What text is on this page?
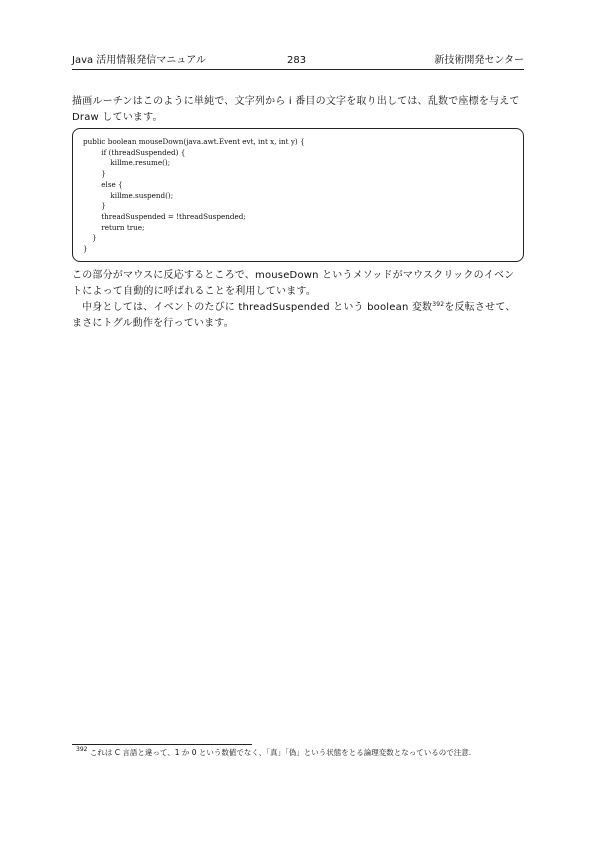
Java 活用情報発信マニュアル	283	新技術開発センター
描画ルーチンはこのように単純で、文字列から i 番目の文字を取り出しては、乱数で座標を与えて Draw しています。
public boolean mouseDown(java.awt.Event evt, int x, int y) {
if (threadSuspended) {
killme.resume();
}
else {
killme.suspend();
}
threadSuspended = !threadSuspended;
return true;
}
}
この部分がマウスに反応するところで、mouseDown というメソッドがマウスクリックのイベントによって自動的に呼ばれることを利用しています。
中身としては、イベントのたびに threadSuspended という boolean 変数$^{392}$を反転させて、まさにトグル動作を行っています。
$^{392}$ これは C 言語と違って、1 か 0 という数値でなく、「真」「偽」という状態をとる論理変数となっているので注意.
